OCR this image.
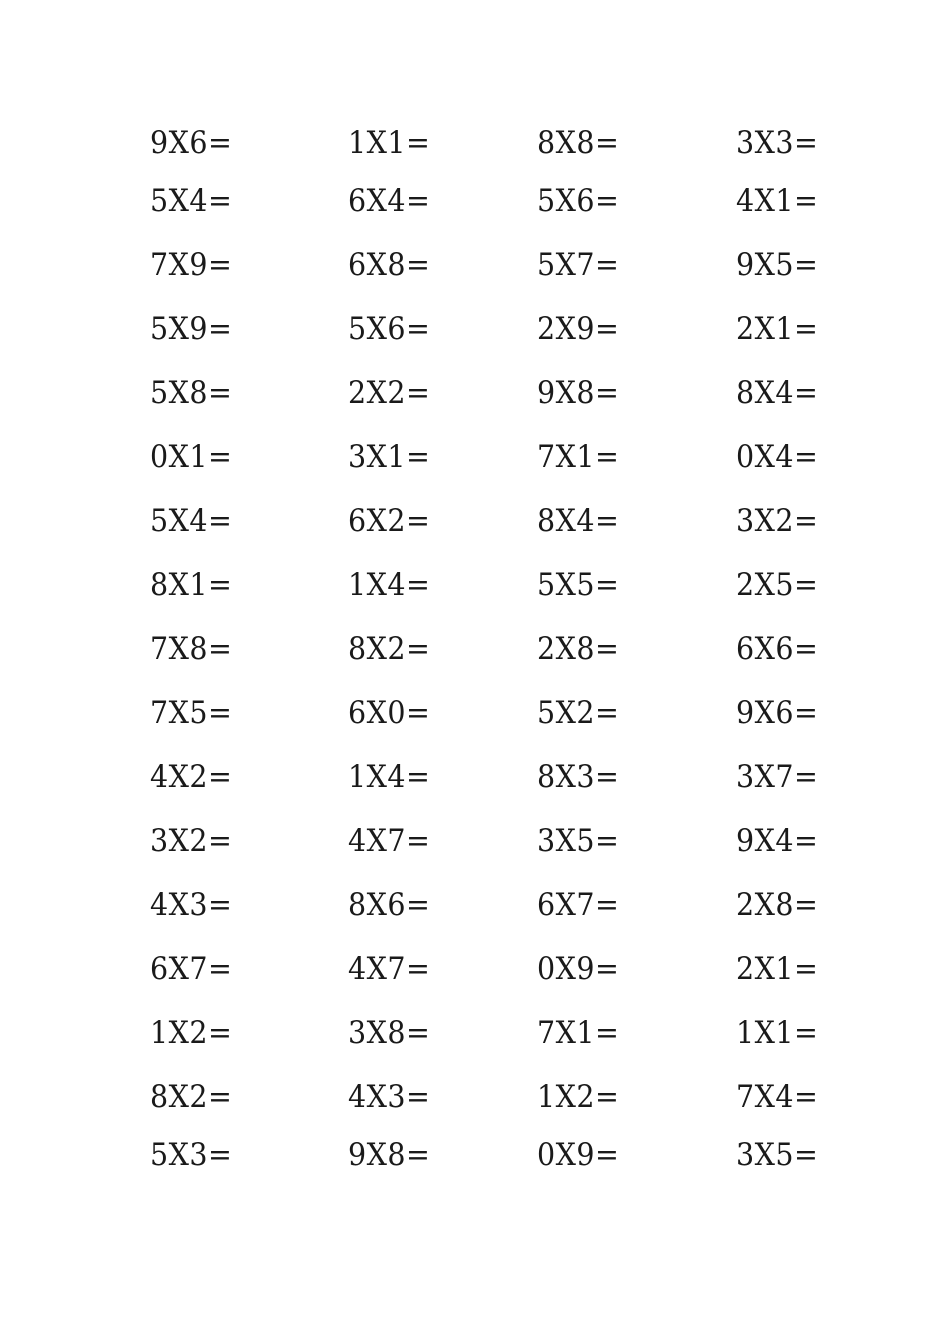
9X6=	1X1=	8X8=	3X3=
5X4=	6X4=	5X6=	4X1=
7X9=	6X8=	5X7=	9X5=
5X9=	5X6=	2X9=	2X1=
5X8=	2X2=	9X8=	8X4=
0X1=	3X1=	7X1=	0X4=
5X4=	6X2=	8X4=	3X2=
8X1=	1X4=	5X5=	2X5=
7X8=	8X2=	2X8=	6X6=
7X5=	6X0=	5X2=	9X6=
4X2=	1X4=	8X3=	3X7=
3X2=	4X7=	3X5=	9X4=
4X3=	8X6=	6X7=	2X8=
6X7=	4X7=	0X9=	2X1=
1X2=	3X8=	7X1=	1X1=
8X2=	4X3=	1X2=	7X4=
5X3=	9X8=	0X9=	3X5=
